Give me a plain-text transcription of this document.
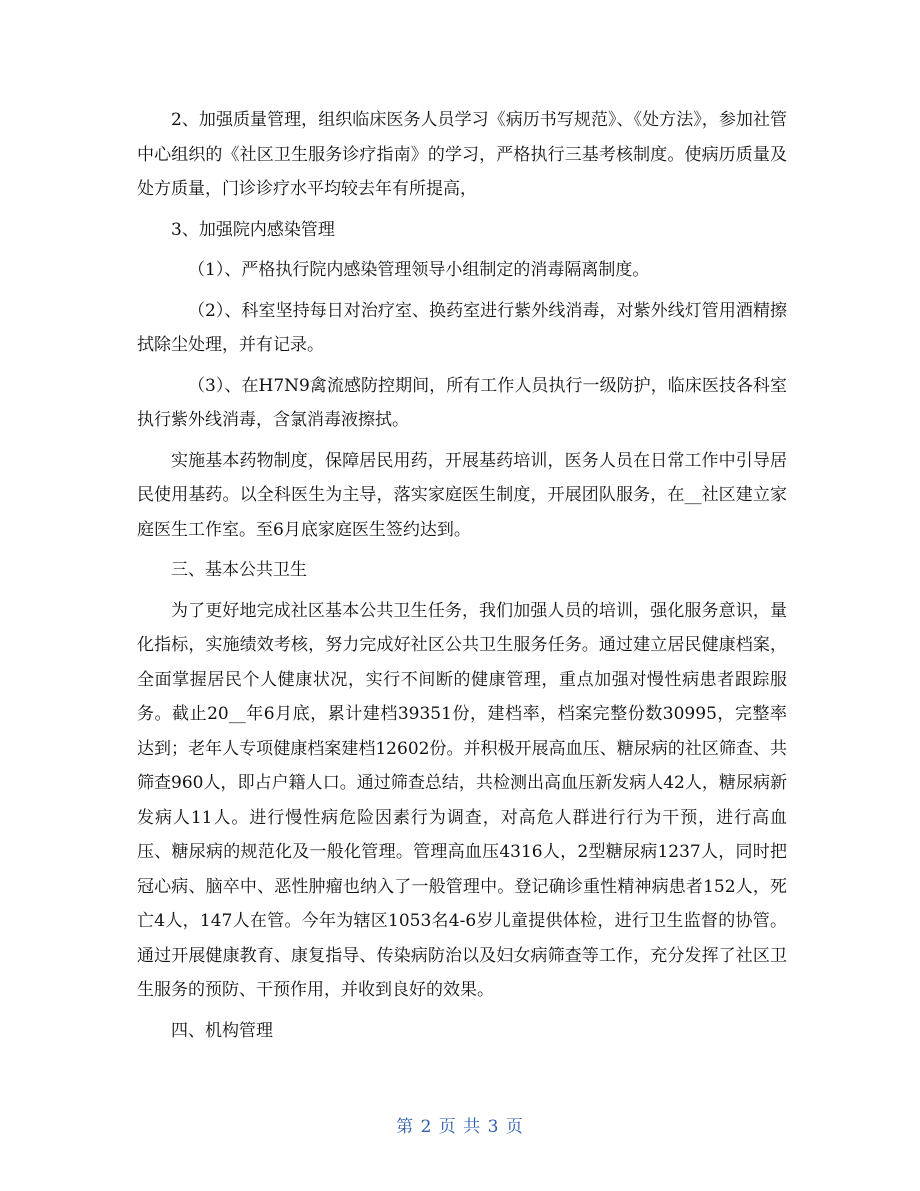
2、加强质量管理，组织临床医务人员学习《病历书写规范》、《处方法》，参加社管中心组织的《社区卫生服务诊疗指南》的学习，严格执行三基考核制度。使病历质量及处方质量，门诊诊疗水平均较去年有所提高，

3、加强院内感染管理

（1）、严格执行院内感染管理领导小组制定的消毒隔离制度。

（2）、科室坚持每日对治疗室、换药室进行紫外线消毒，对紫外线灯管用酒精擦拭除尘处理，并有记录。

（3）、在H7N9禽流感防控期间，所有工作人员执行一级防护，临床医技各科室执行紫外线消毒，含氯消毒液擦拭。

实施基本药物制度，保障居民用药，开展基药培训，医务人员在日常工作中引导居民使用基药。以全科医生为主导，落实家庭医生制度，开展团队服务，在__社区建立家庭医生工作室。至6月底家庭医生签约达到。

三、基本公共卫生

为了更好地完成社区基本公共卫生任务，我们加强人员的培训，强化服务意识，量化指标，实施绩效考核，努力完成好社区公共卫生服务任务。通过建立居民健康档案，全面掌握居民个人健康状况，实行不间断的健康管理，重点加强对慢性病患者跟踪服务。截止20__年6月底，累计建档39351份，建档率，档案完整份数30995，完整率达到；老年人专项健康档案建档12602份。并积极开展高血压、糖尿病的社区筛查、共筛查960人，即占户籍人口。通过筛查总结，共检测出高血压新发病人42人，糖尿病新发病人11人。进行慢性病危险因素行为调查，对高危人群进行行为干预，进行高血压、糖尿病的规范化及一般化管理。管理高血压4316人，2型糖尿病1237人，同时把冠心病、脑卒中、恶性肿瘤也纳入了一般管理中。登记确诊重性精神病患者152人，死亡4人，147人在管。今年为辖区1053名4-6岁儿童提供体检，进行卫生监督的协管。通过开展健康教育、康复指导、传染病防治以及妇女病筛查等工作，充分发挥了社区卫生服务的预防、干预作用，并收到良好的效果。

四、机构管理

第 2 页 共 3 页
